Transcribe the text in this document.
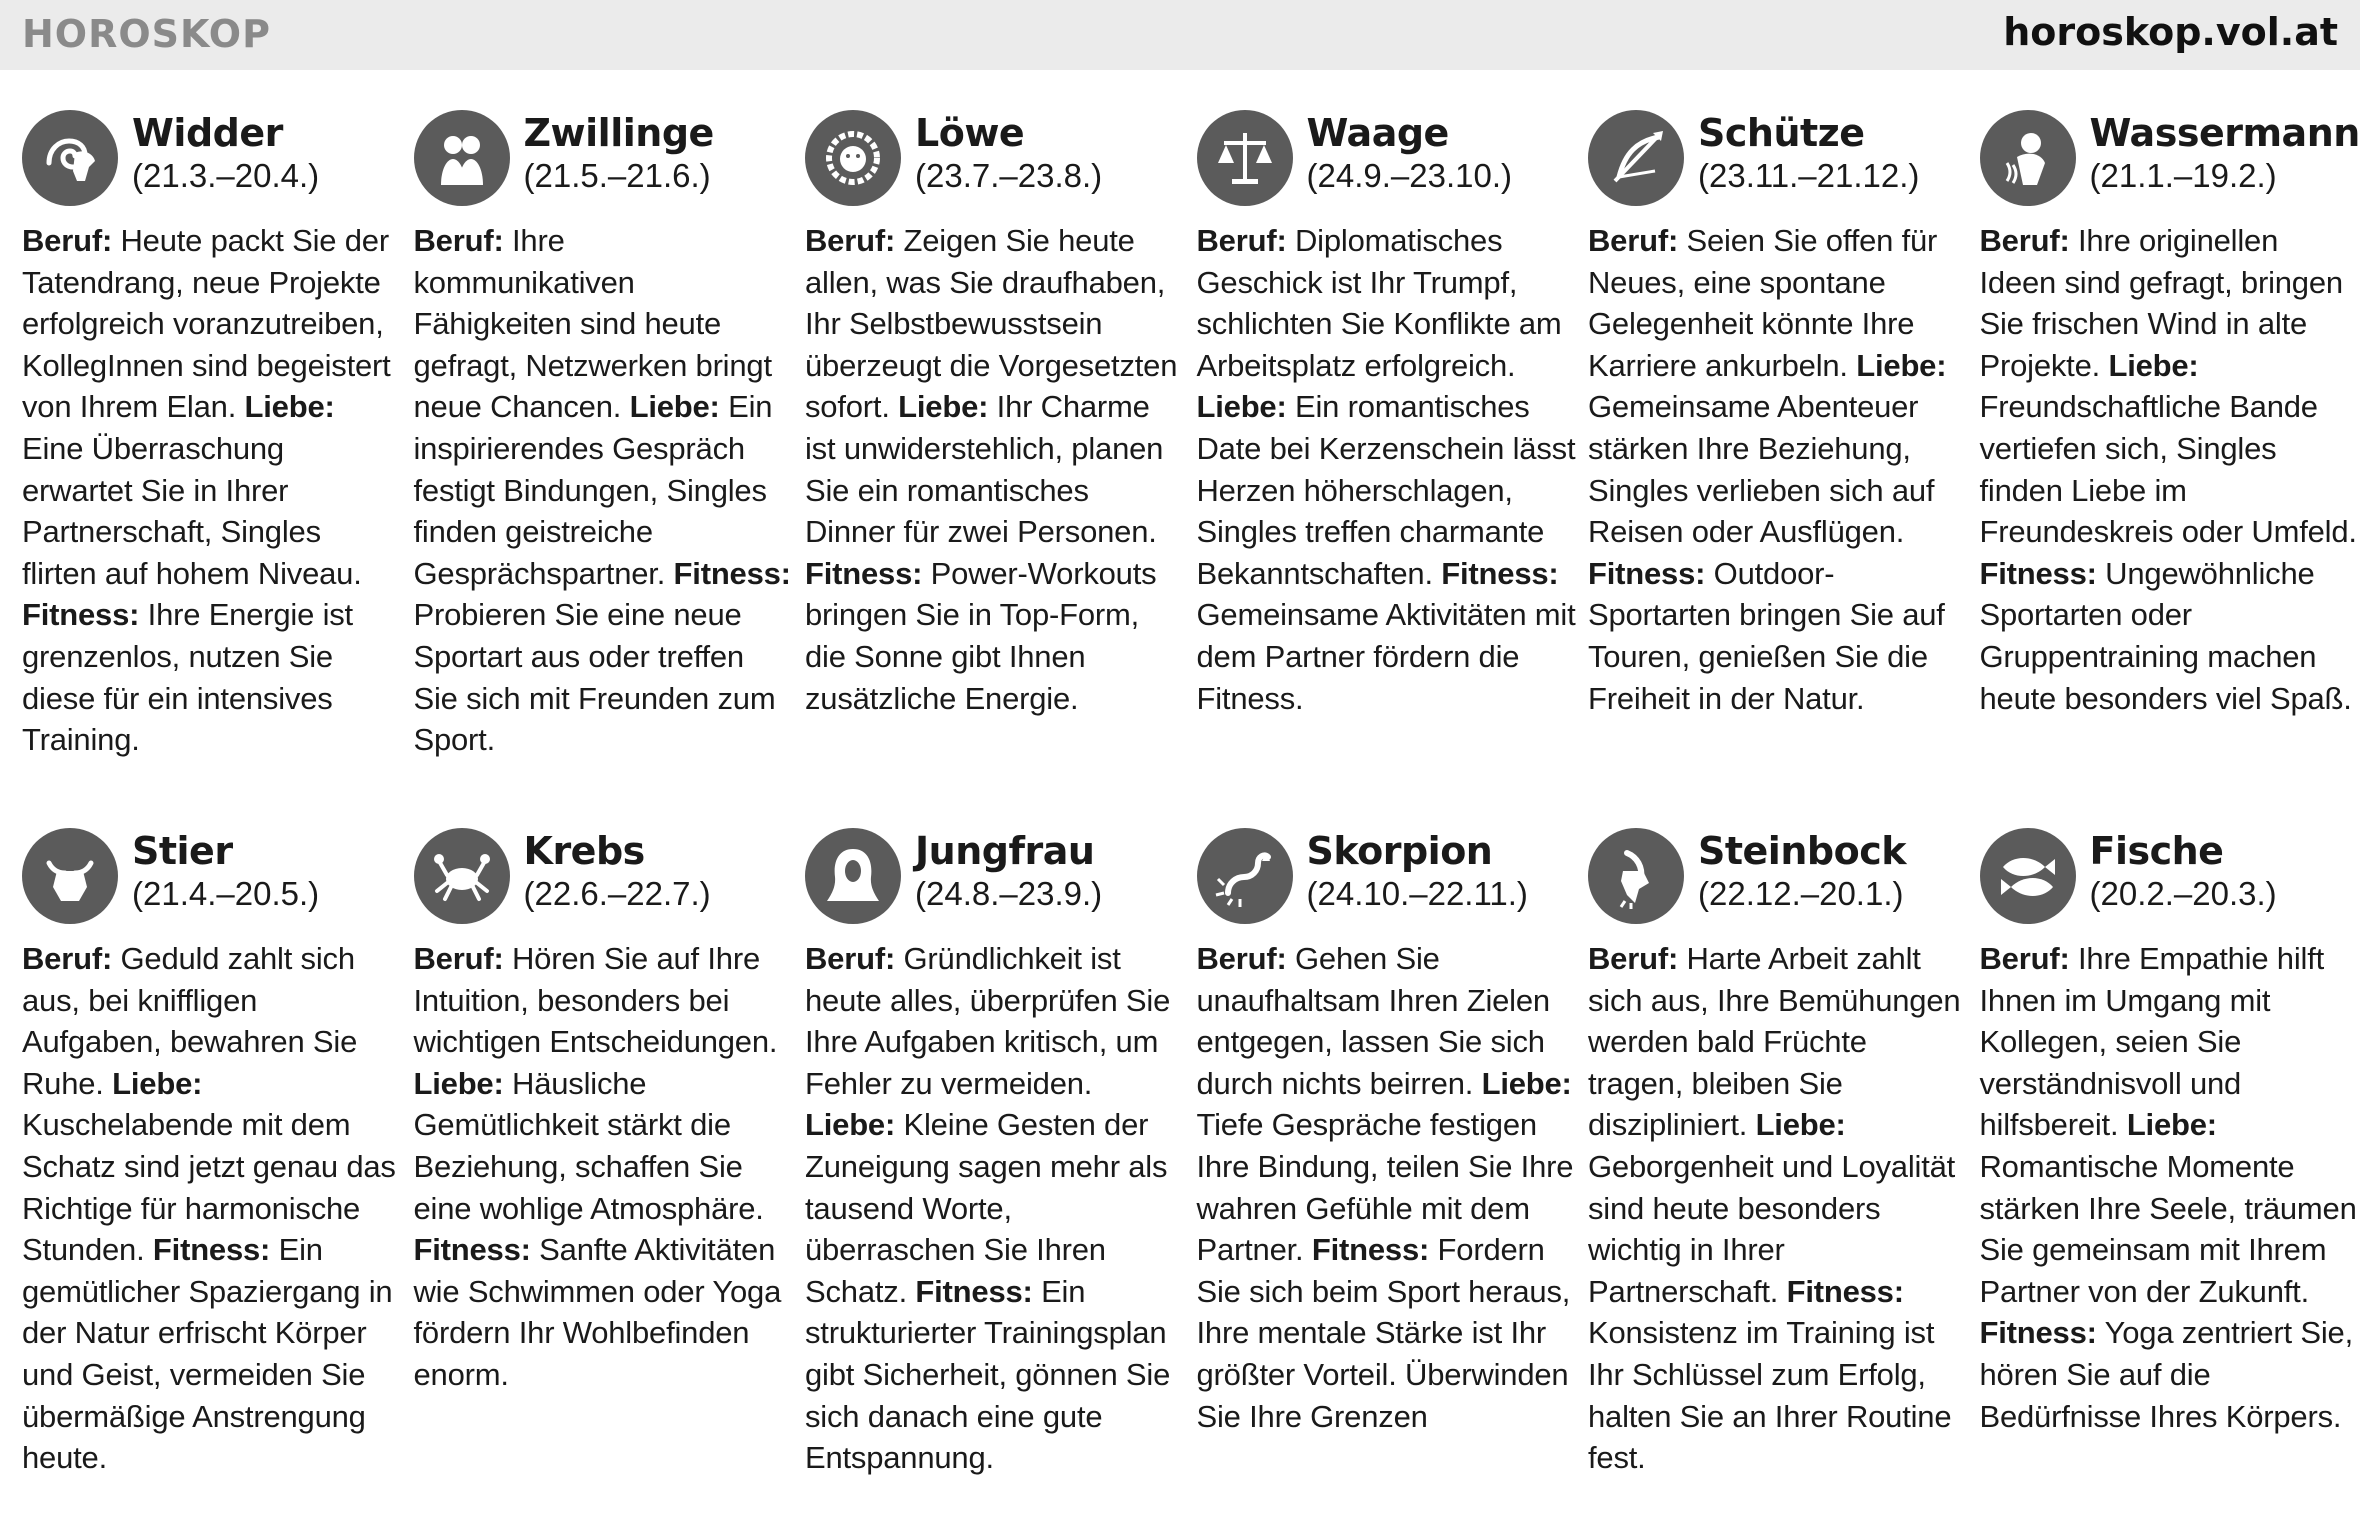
HOROSKOP	horoskop.vol.at
Widder
(21.3.–20.4.)
Beruf: Heute packt Sie der Tatendrang, neue Projekte erfolgreich voranzutreiben, KollegInnen sind begeistert von Ihrem Elan. Liebe: Eine Überraschung erwartet Sie in Ihrer Partnerschaft, Singles flirten auf hohem Niveau. Fitness: Ihre Energie ist grenzenlos, nutzen Sie diese für ein intensives Training.
Zwillinge
(21.5.–21.6.)
Beruf: Ihre kommunikativen Fähigkeiten sind heute gefragt, Netzwerken bringt neue Chancen. Liebe: Ein inspirierendes Gespräch festigt Bindungen, Singles finden geistreiche Gesprächspartner. Fitness: Probieren Sie eine neue Sportart aus oder treffen Sie sich mit Freunden zum Sport.
Löwe
(23.7.–23.8.)
Beruf: Zeigen Sie heute allen, was Sie draufhaben, Ihr Selbstbewusstsein überzeugt die Vorgesetzten sofort. Liebe: Ihr Charme ist unwiderstehlich, planen Sie ein romantisches Dinner für zwei Personen. Fitness: Power-Workouts bringen Sie in Top-Form, die Sonne gibt Ihnen zusätzliche Energie.
Waage
(24.9.–23.10.)
Beruf: Diplomatisches Geschick ist Ihr Trumpf, schlichten Sie Konflikte am Arbeitsplatz erfolgreich. Liebe: Ein romantisches Date bei Kerzenschein lässt Herzen höherschlagen, Singles treffen charmante Bekanntschaften. Fitness: Gemeinsame Aktivitäten mit dem Partner fördern die Fitness.
Schütze
(23.11.–21.12.)
Beruf: Seien Sie offen für Neues, eine spontane Gelegenheit könnte Ihre Karriere ankurbeln. Liebe: Gemeinsame Abenteuer stärken Ihre Beziehung, Singles verlieben sich auf Reisen oder Ausflügen. Fitness: Outdoor-Sportarten bringen Sie auf Touren, genießen Sie die Freiheit in der Natur.
Wassermann
(21.1.–19.2.)
Beruf: Ihre originellen Ideen sind gefragt, bringen Sie frischen Wind in alte Projekte. Liebe: Freundschaftliche Bande vertiefen sich, Singles finden Liebe im Freundeskreis oder Umfeld. Fitness: Ungewöhnliche Sportarten oder Gruppentraining machen heute besonders viel Spaß.
Stier
(21.4.–20.5.)
Beruf: Geduld zahlt sich aus, bei kniffligen Aufgaben, bewahren Sie Ruhe. Liebe: Kuschelabende mit dem Schatz sind jetzt genau das Richtige für harmonische Stunden. Fitness: Ein gemütlicher Spaziergang in der Natur erfrischt Körper und Geist, vermeiden Sie übermäßige Anstrengung heute.
Krebs
(22.6.–22.7.)
Beruf: Hören Sie auf Ihre Intuition, besonders bei wichtigen Entscheidungen. Liebe: Häusliche Gemütlichkeit stärkt die Beziehung, schaffen Sie eine wohlige Atmosphäre. Fitness: Sanfte Aktivitäten wie Schwimmen oder Yoga fördern Ihr Wohlbefinden enorm.
Jungfrau
(24.8.–23.9.)
Beruf: Gründlichkeit ist heute alles, überprüfen Sie Ihre Aufgaben kritisch, um Fehler zu vermeiden. Liebe: Kleine Gesten der Zuneigung sagen mehr als tausend Worte, überraschen Sie Ihren Schatz. Fitness: Ein strukturierter Trainingsplan gibt Sicherheit, gönnen Sie sich danach eine gute Entspannung.
Skorpion
(24.10.–22.11.)
Beruf: Gehen Sie unaufhaltsam Ihren Zielen entgegen, lassen Sie sich durch nichts beirren. Liebe: Tiefe Gespräche festigen Ihre Bindung, teilen Sie Ihre wahren Gefühle mit dem Partner. Fitness: Fordern Sie sich beim Sport heraus, Ihre mentale Stärke ist Ihr größter Vorteil. Überwinden Sie Ihre Grenzen
Steinbock
(22.12.–20.1.)
Beruf: Harte Arbeit zahlt sich aus, Ihre Bemühungen werden bald Früchte tragen, bleiben Sie diszipliniert. Liebe: Geborgenheit und Loyalität sind heute besonders wichtig in Ihrer Partnerschaft. Fitness: Konsistenz im Training ist Ihr Schlüssel zum Erfolg, halten Sie an Ihrer Routine fest.
Fische
(20.2.–20.3.)
Beruf: Ihre Empathie hilft Ihnen im Umgang mit Kollegen, seien Sie verständnisvoll und hilfsbereit. Liebe: Romantische Momente stärken Ihre Seele, träumen Sie gemeinsam mit Ihrem Partner von der Zukunft. Fitness: Yoga zentriert Sie, hören Sie auf die Bedürfnisse Ihres Körpers.
